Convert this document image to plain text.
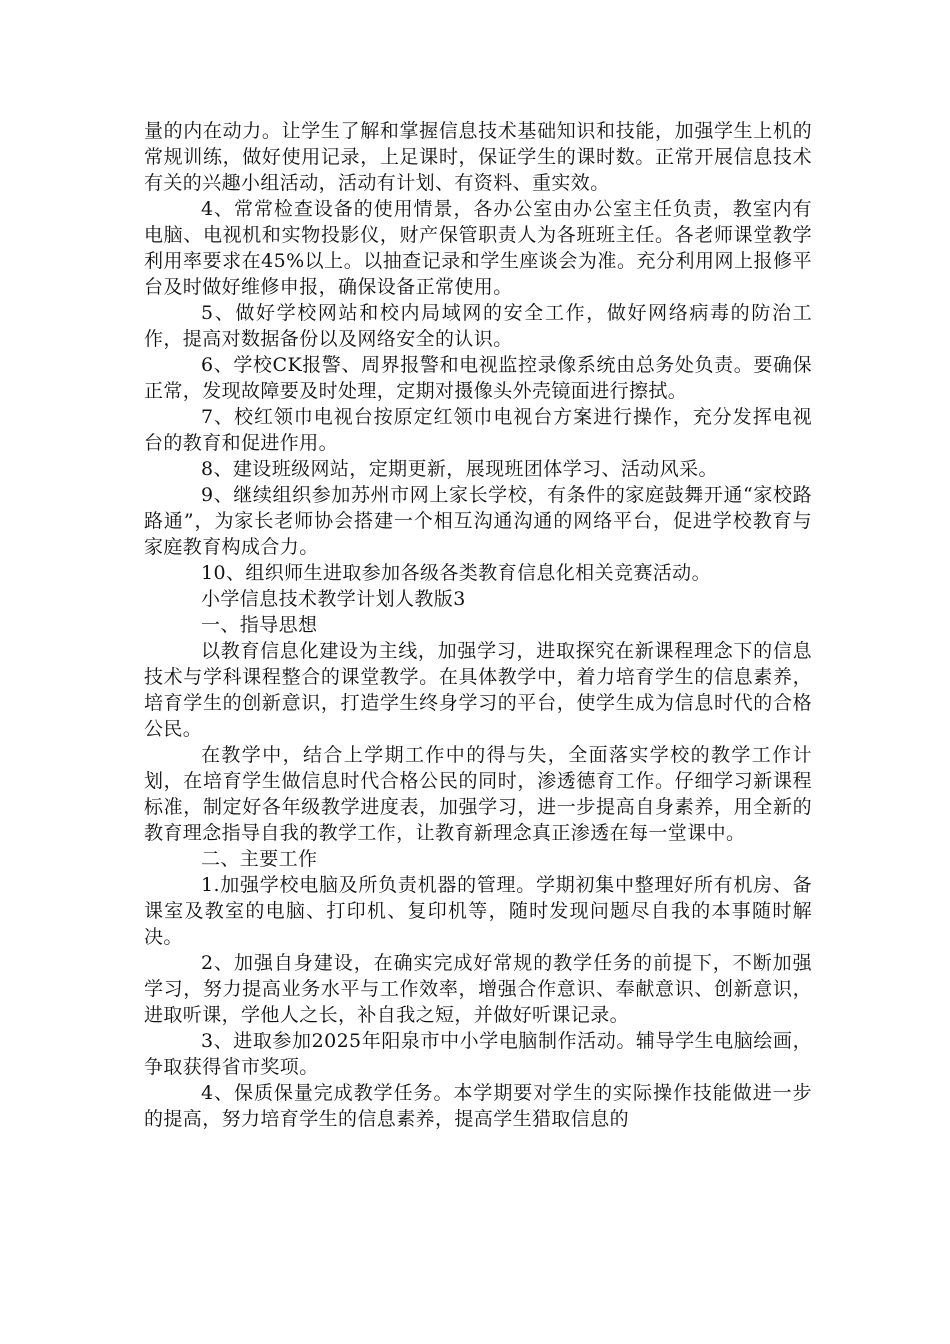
量的内在动力。让学生了解和掌握信息技术基础知识和技能，加强学生上机的常规训练，做好使用记录，上足课时，保证学生的课时数。正常开展信息技术有关的兴趣小组活动，活动有计划、有资料、重实效。

4、常常检查设备的使用情景，各办公室由办公室主任负责，教室内有电脑、电视机和实物投影仪，财产保管职责人为各班班主任。各老师课堂教学利用率要求在45%以上。以抽查记录和学生座谈会为准。充分利用网上报修平台及时做好维修申报，确保设备正常使用。

5、做好学校网站和校内局域网的安全工作，做好网络病毒的防治工作，提高对数据备份以及网络安全的认识。

6、学校CK报警、周界报警和电视监控录像系统由总务处负责。要确保正常，发现故障要及时处理，定期对摄像头外壳镜面进行擦拭。

7、校红领巾电视台按原定红领巾电视台方案进行操作，充分发挥电视台的教育和促进作用。

8、建设班级网站，定期更新，展现班团体学习、活动风采。

9、继续组织参加苏州市网上家长学校，有条件的家庭鼓舞开通“家校路路通”，为家长老师协会搭建一个相互沟通沟通的网络平台，促进学校教育与家庭教育构成合力。

10、组织师生进取参加各级各类教育信息化相关竞赛活动。

小学信息技术教学计划人教版3

一、指导思想

以教育信息化建设为主线，加强学习，进取探究在新课程理念下的信息技术与学科课程整合的课堂教学。在具体教学中，着力培育学生的信息素养，培育学生的创新意识，打造学生终身学习的平台，使学生成为信息时代的合格公民。

在教学中，结合上学期工作中的得与失，全面落实学校的教学工作计划，在培育学生做信息时代合格公民的同时，渗透德育工作。仔细学习新课程标准，制定好各年级教学进度表，加强学习，进一步提高自身素养，用全新的教育理念指导自我的教学工作，让教育新理念真正渗透在每一堂课中。

二、主要工作

1.加强学校电脑及所负责机器的管理。学期初集中整理好所有机房、备课室及教室的电脑、打印机、复印机等，随时发现问题尽自我的本事随时解决。

2、加强自身建设，在确实完成好常规的教学任务的前提下，不断加强学习，努力提高业务水平与工作效率，增强合作意识、奉献意识、创新意识，进取听课，学他人之长，补自我之短，并做好听课记录。

3、进取参加2025年阳泉市中小学电脑制作活动。辅导学生电脑绘画，争取获得省市奖项。

4、保质保量完成教学任务。本学期要对学生的实际操作技能做进一步的提高，努力培育学生的信息素养，提高学生猎取信息的
